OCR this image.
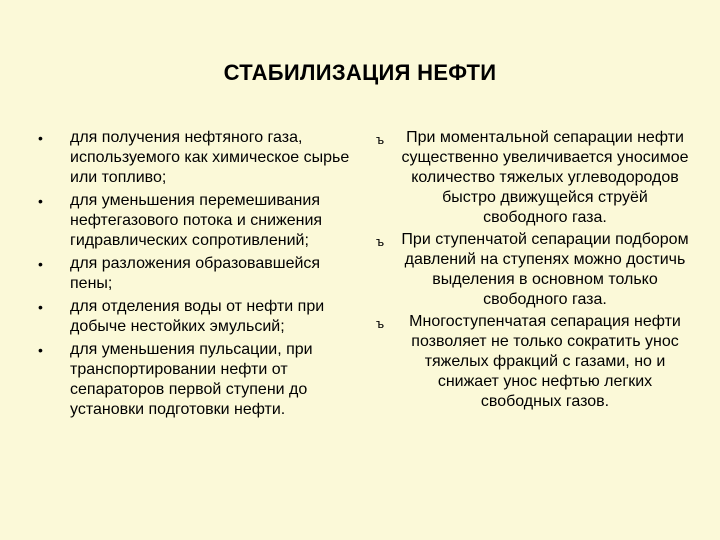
СТАБИЛИЗАЦИЯ НЕФТИ
•	для получения нефтяного газа, используемого как химическое сырье или топливо;
•	для уменьшения перемешивания нефтегазового потока и снижения гидравлических сопротивлений;
•	для разложения образовавшейся пены;
•	для отделения воды от нефти при добыче нестойких эмульсий;
•	для уменьшения пульсации, при транспортировании нефти от сепараторов первой ступени до установки подготовки нефти.
ъ	При моментальной сепарации нефти существенно увеличивается уносимое количество тяжелых углеводородов быстро движущейся струёй свободного газа.
ъ	При ступенчатой сепарации подбором давлений на ступенях можно достичь выделения в основном только свободного газа.
ъ	Многоступенчатая сепарация нефти позволяет не только сократить унос тяжелых фракций с газами, но и снижает унос нефтью легких свободных газов.
